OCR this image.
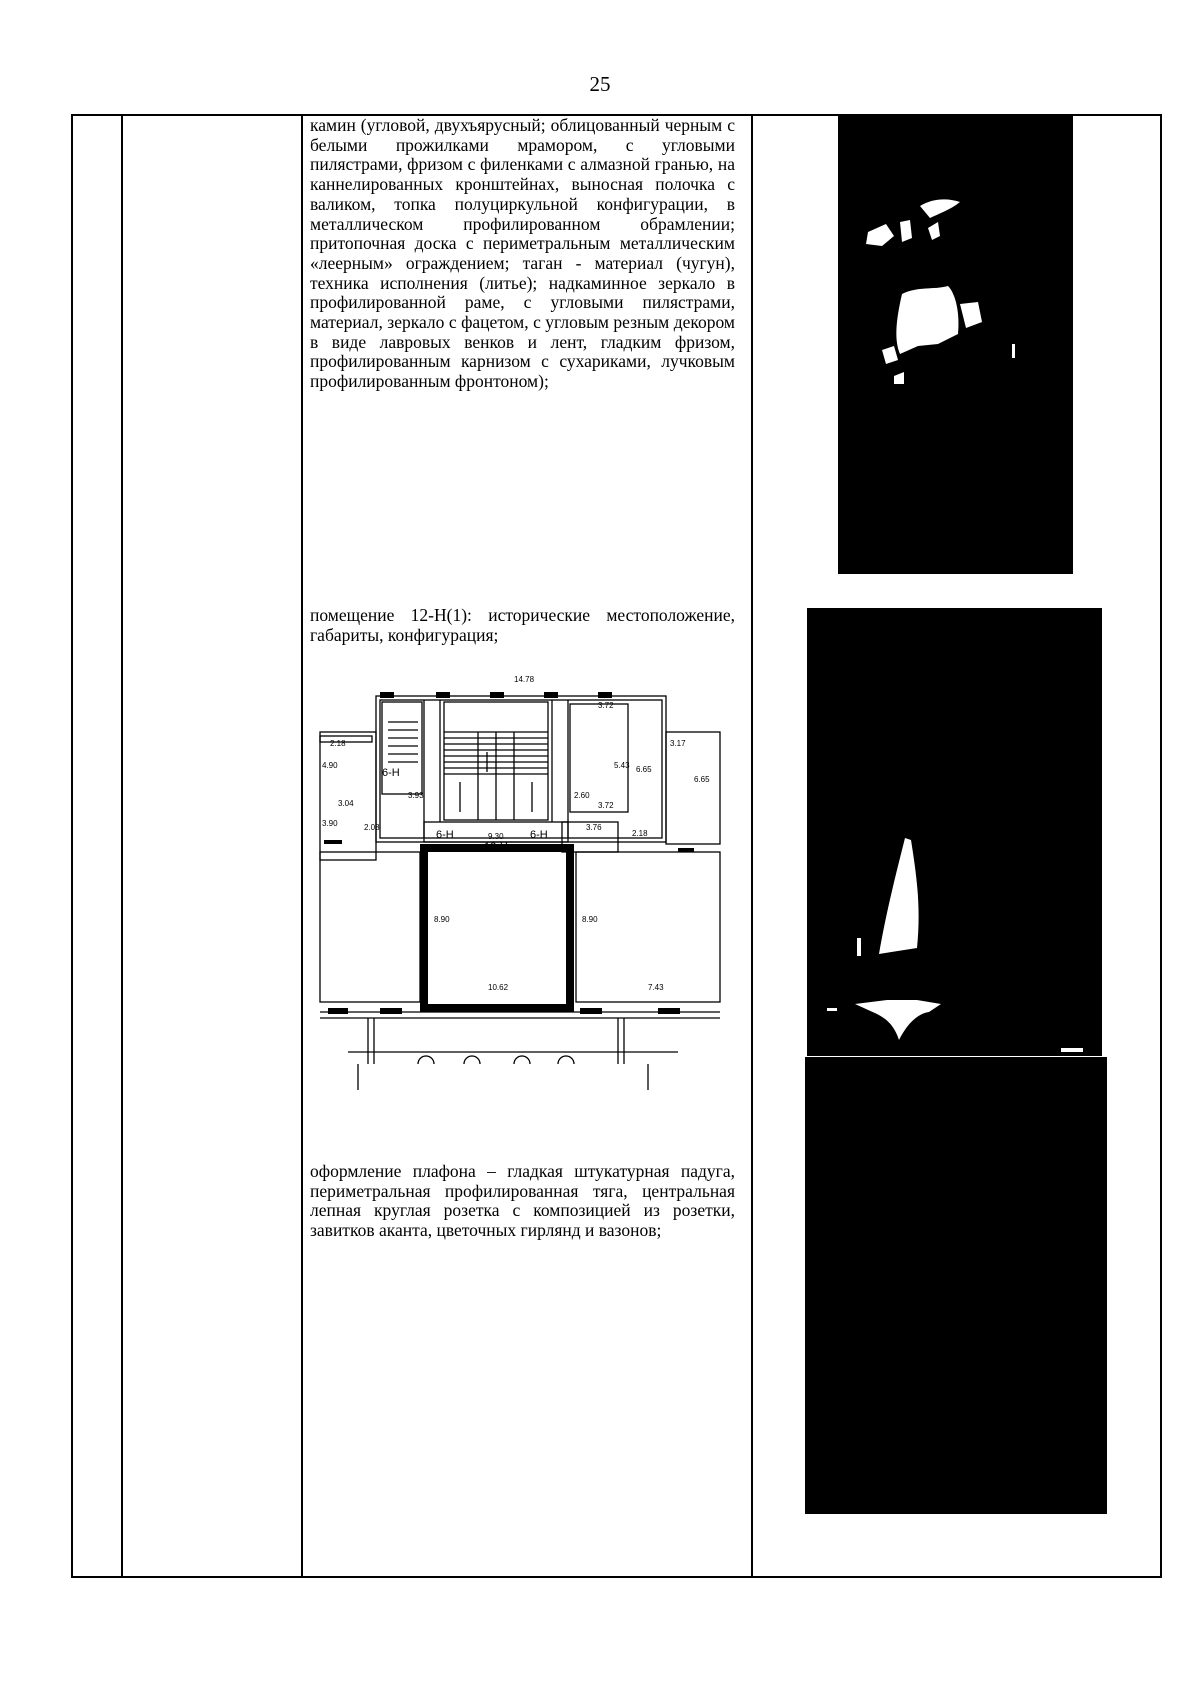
25
камин (угловой, двухъярусный; облицованный черным с белыми прожилками мрамором, с угловыми пилястрами, фризом с филенками с алмазной гранью, на каннелированных кронштейнах, выносная полочка с валиком, топка полуциркульной конфигурации, в металлическом профилированном обрамлении; притопочная доска с периметральным металлическим «леерным» ограждением; таган - материал (чугун), техника исполнения (литье); надкаминное зеркало в профилированной раме, с угловыми пилястрами, материал, зеркало с фацетом, с угловым резным декором в виде лавровых венков и лент, гладким фризом, профилированным карнизом с сухариками, лучковым профилированным фронтоном);
помещение 12-Н(1): исторические местоположение, габариты, конфигурация;
оформление плафона – гладкая штукатурная падуга, периметральная профилированная тяга, центральная лепная круглая розетка с композицией из розетки, завитков аканта, цветочных гирлянд и вазонов;
14.78
3.72
3.72
3.76
9.30
10.62	7.43
8.90	8.90
2.18
3.17
6.65
6.65
5.43
2.60
2.08
3.90
4.90
3.93
2.18
3.04
6-Н
6-Н	6-Н
12-Н
